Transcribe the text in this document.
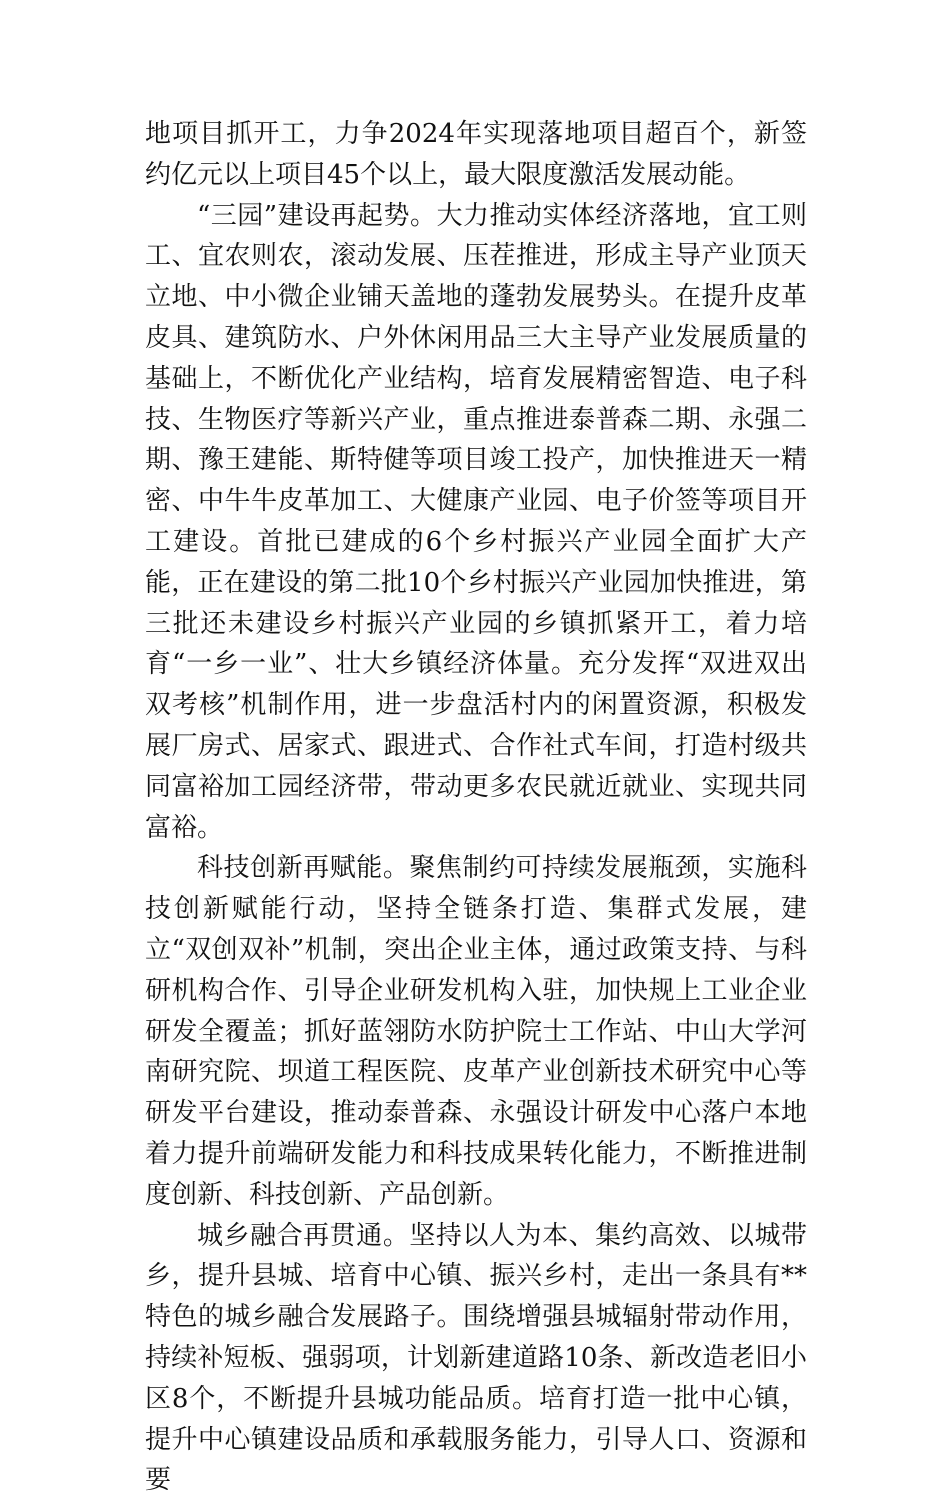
地项目抓开工，力争2024年实现落地项目超百个，新签约亿元以上项目45个以上，最大限度激活发展动能。

“三园”建设再起势。大力推动实体经济落地，宜工则工、宜农则农，滚动发展、压茬推进，形成主导产业顶天立地、中小微企业铺天盖地的蓬勃发展势头。在提升皮革皮具、建筑防水、户外休闲用品三大主导产业发展质量的基础上，不断优化产业结构，培育发展精密智造、电子科技、生物医疗等新兴产业，重点推进泰普森二期、永强二期、豫王建能、斯特健等项目竣工投产，加快推进天一精密、中牛牛皮革加工、大健康产业园、电子价签等项目开工建设。首批已建成的6个乡村振兴产业园全面扩大产能，正在建设的第二批10个乡村振兴产业园加快推进，第三批还未建设乡村振兴产业园的乡镇抓紧开工，着力培育“一乡一业”、壮大乡镇经济体量。充分发挥“双进双出双考核”机制作用，进一步盘活村内的闲置资源，积极发展厂房式、居家式、跟进式、合作社式车间，打造村级共同富裕加工园经济带，带动更多农民就近就业、实现共同富裕。

科技创新再赋能。聚焦制约可持续发展瓶颈，实施科技创新赋能行动，坚持全链条打造、集群式发展，建立“双创双补”机制，突出企业主体，通过政策支持、与科研机构合作、引导企业研发机构入驻，加快规上工业企业研发全覆盖；抓好蓝翎防水防护院士工作站、中山大学河南研究院、坝道工程医院、皮革产业创新技术研究中心等研发平台建设，推动泰普森、永强设计研发中心落户本地着力提升前端研发能力和科技成果转化能力，不断推进制度创新、科技创新、产品创新。

城乡融合再贯通。坚持以人为本、集约高效、以城带乡，提升县城、培育中心镇、振兴乡村，走出一条具有**特色的城乡融合发展路子。围绕增强县城辐射带动作用，持续补短板、强弱项，计划新建道路10条、新改造老旧小区8个，不断提升县城功能品质。培育打造一批中心镇，提升中心镇建设品质和承载服务能力，引导人口、资源和要
